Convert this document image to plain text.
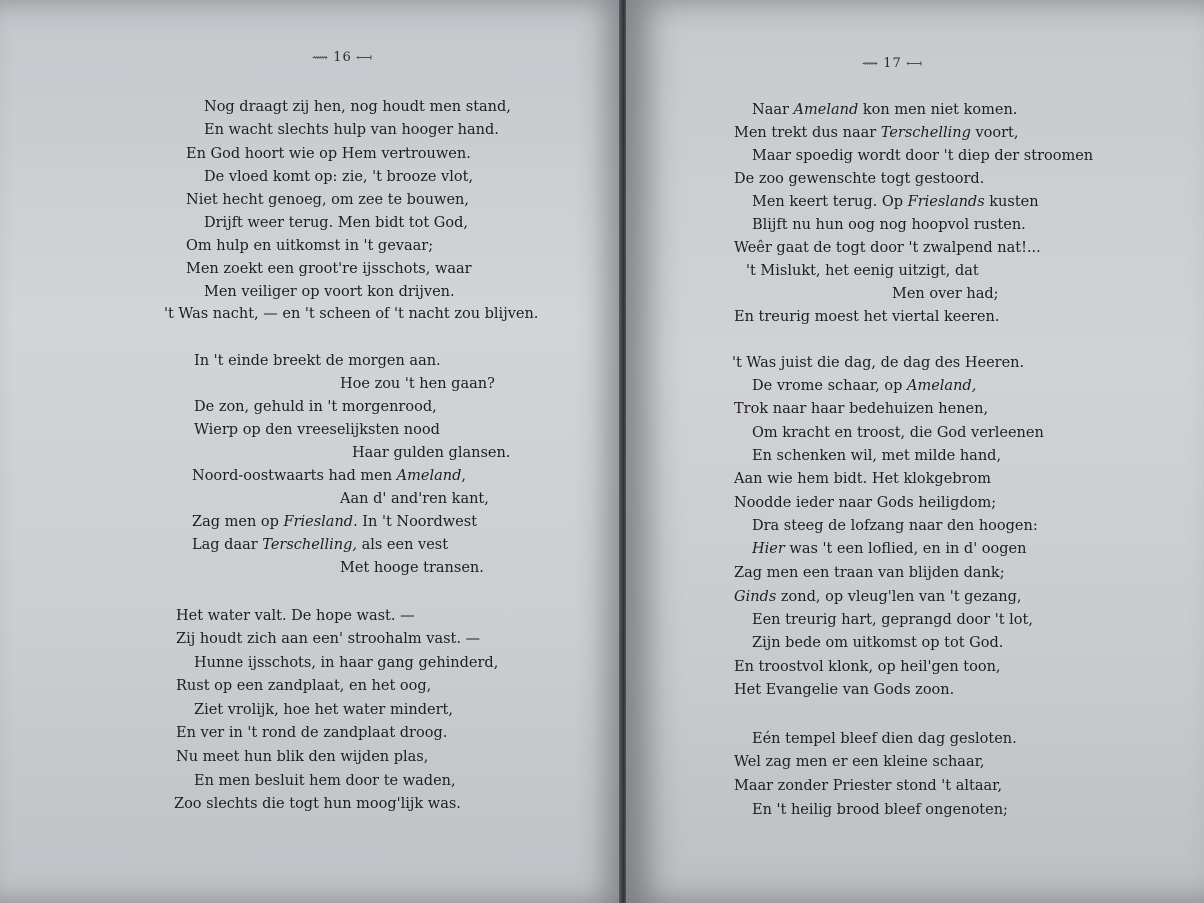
⟿ 16 ⟻
Nog draagt zij hen, nog houdt men stand,
En wacht slechts hulp van hooger hand.
En God hoort wie op Hem vertrouwen.
De vloed komt op: zie, 't brooze vlot,
Niet hecht genoeg, om zee te bouwen,
Drijft weer terug. Men bidt tot God,
Om hulp en uitkomst in 't gevaar;
Men zoekt een groot're ijsschots, waar
Men veiliger op voort kon drijven.
't Was nacht, — en 't scheen of 't nacht zou blijven.
In 't einde breekt de morgen aan.
Hoe zou 't hen gaan?
De zon, gehuld in 't morgenrood,
Wierp op den vreeselijksten nood
Haar gulden glansen.
Noord-oostwaarts had men Ameland,
Aan d' and'ren kant,
Zag men op Friesland. In 't Noordwest
Lag daar Terschelling, als een vest
Met hooge transen.
Het water valt. De hope wast. —
Zij houdt zich aan een' stroohalm vast. —
Hunne ijsschots, in haar gang gehinderd,
Rust op een zandplaat, en het oog,
Ziet vrolijk, hoe het water mindert,
En ver in 't rond de zandplaat droog.
Nu meet hun blik den wijden plas,
En men besluit hem door te waden,
Zoo slechts die togt hun moog'lijk was.
⟿ 17 ⟻
Naar Ameland kon men niet komen.
Men trekt dus naar Terschelling voort,
Maar spoedig wordt door 't diep der stroomen
De zoo gewenschte togt gestoord.
Men keert terug. Op Frieslands kusten
Blijft nu hun oog nog hoopvol rusten.
Weêr gaat de togt door 't zwalpend nat!...
't Mislukt, het eenig uitzigt, dat
Men over had;
En treurig moest het viertal keeren.
't Was juist die dag, de dag des Heeren.
De vrome schaar, op Ameland,
Trok naar haar bedehuizen henen,
Om kracht en troost, die God verleenen
En schenken wil, met milde hand,
Aan wie hem bidt. Het klokgebrom
Noodde ieder naar Gods heiligdom;
Dra steeg de lofzang naar den hoogen:
Hier was 't een loflied, en in d' oogen
Zag men een traan van blijden dank;
Ginds zond, op vleug'len van 't gezang,
Een treurig hart, geprangd door 't lot,
Zijn bede om uitkomst op tot God.
En troostvol klonk, op heil'gen toon,
Het Evangelie van Gods zoon.
Eén tempel bleef dien dag gesloten.
Wel zag men er een kleine schaar,
Maar zonder Priester stond 't altaar,
En 't heilig brood bleef ongenoten;
